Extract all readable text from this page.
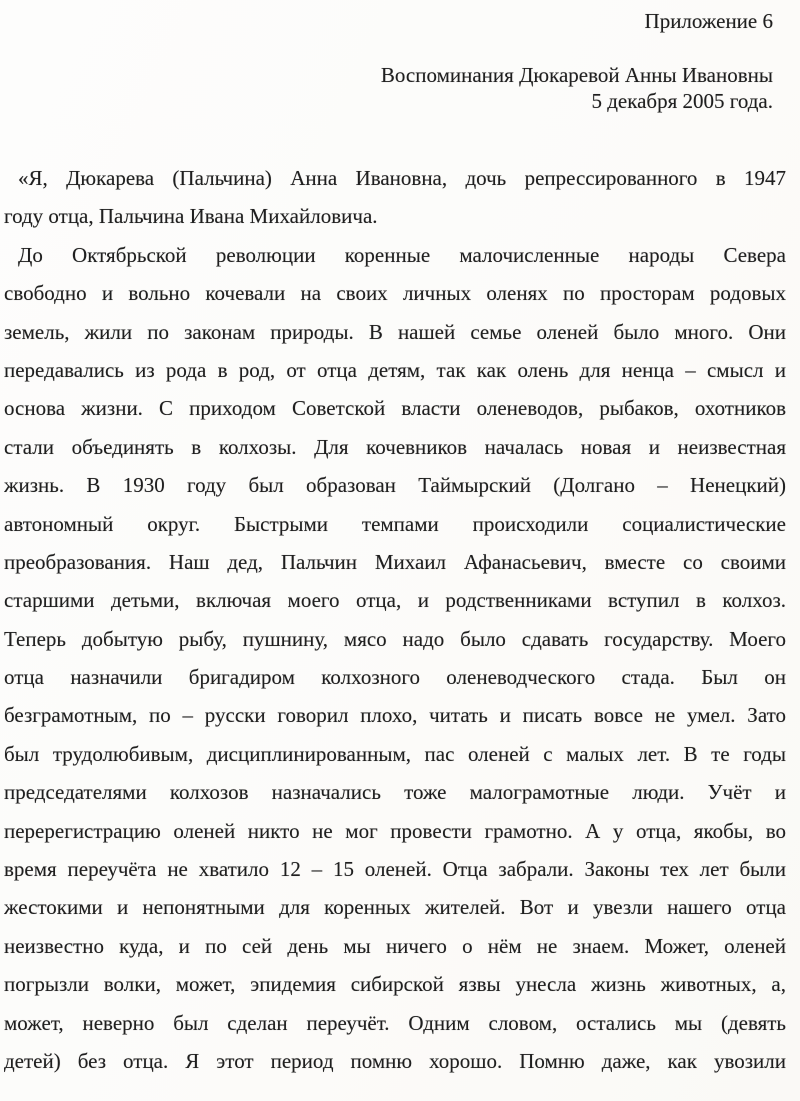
Приложение 6
Воспоминания Дюкаревой Анны Ивановны
5 декабря 2005 года.
«Я, Дюкарева (Пальчина) Анна Ивановна, дочь репрессированного в 1947
году отца, Пальчина Ивана Михайловича.
До Октябрьской революции коренные малочисленные народы Севера
свободно и вольно кочевали на своих личных оленях по просторам родовых
земель, жили по законам природы. В нашей семье оленей было много. Они
передавались из рода в род, от отца детям, так как олень для ненца – смысл и
основа жизни. С приходом Советской власти оленеводов, рыбаков, охотников
стали объединять в колхозы. Для кочевников началась новая и неизвестная
жизнь. В 1930 году был образован Таймырский (Долгано – Ненецкий)
автономный округ. Быстрыми темпами происходили социалистические
преобразования. Наш дед, Пальчин Михаил Афанасьевич, вместе со своими
старшими детьми, включая моего отца, и родственниками вступил в колхоз.
Теперь добытую рыбу, пушнину, мясо надо было сдавать государству. Моего
отца назначили бригадиром колхозного оленеводческого стада. Был он
безграмотным, по – русски говорил плохо, читать и писать вовсе не умел. Зато
был трудолюбивым, дисциплинированным, пас оленей с малых лет. В те годы
председателями колхозов назначались тоже малограмотные люди. Учёт и
перерегистрацию оленей никто не мог провести грамотно. А у отца, якобы, во
время переучёта не хватило 12 – 15 оленей. Отца забрали. Законы тех лет были
жестокими и непонятными для коренных жителей. Вот и увезли нашего отца
неизвестно куда, и по сей день мы ничего о нём не знаем. Может, оленей
погрызли волки, может, эпидемия сибирской язвы унесла жизнь животных, а,
может, неверно был сделан переучёт. Одним словом, остались мы (девять
детей) без отца. Я этот период помню хорошо. Помню даже, как увозили
